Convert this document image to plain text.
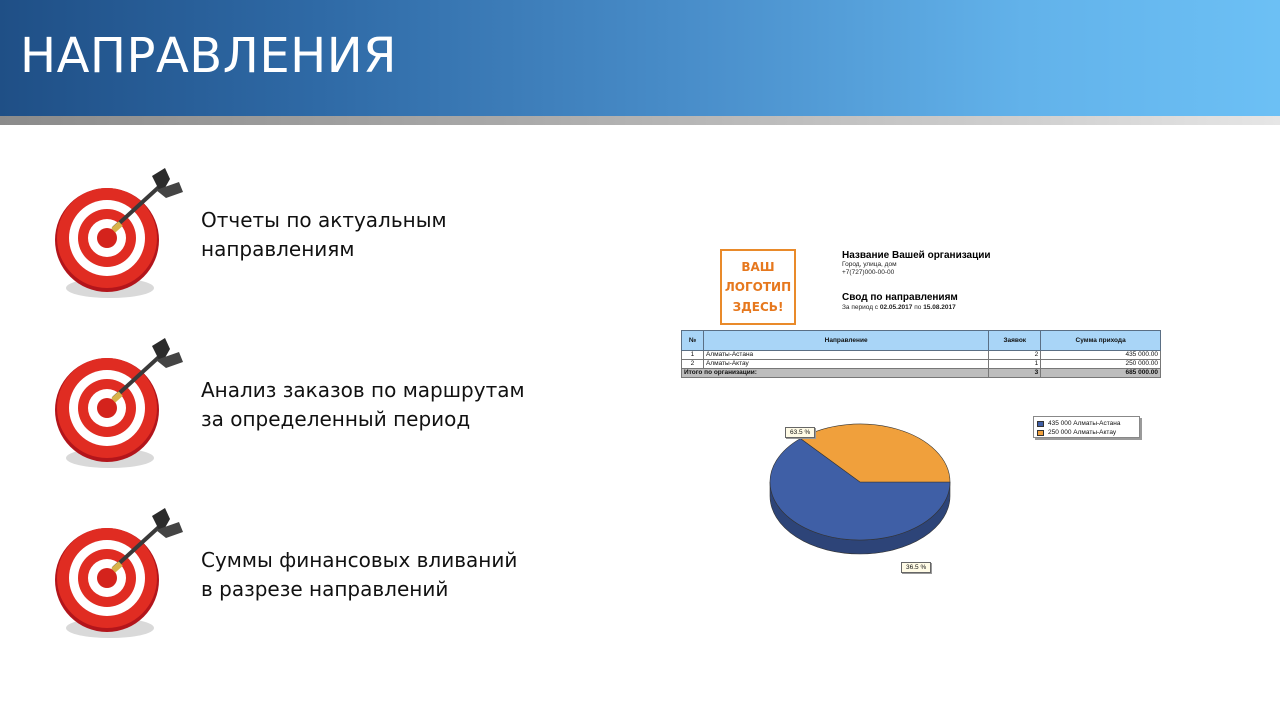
НАПРАВЛЕНИЯ
Отчеты по актуальным
направлениям
Анализ заказов по маршрутам
за определенный период
Суммы финансовых вливаний
в разрезе направлений
ВАШ
ЛОГОТИП
ЗДЕСЬ!
Название Вашей организации
Город, улица, дом
+7(727)000-00-00
Свод по направлениям
За период с 02.05.2017 по 15.08.2017
№	Направление	Заявок	Сумма прихода
1	Алматы-Астана	2	435 000.00
2	Алматы-Актау	1	250 000.00
Итого по организации:		3	685 000.00
435 000 Алматы-Астана
250 000 Алматы-Актау
63.5 %
36.5 %
